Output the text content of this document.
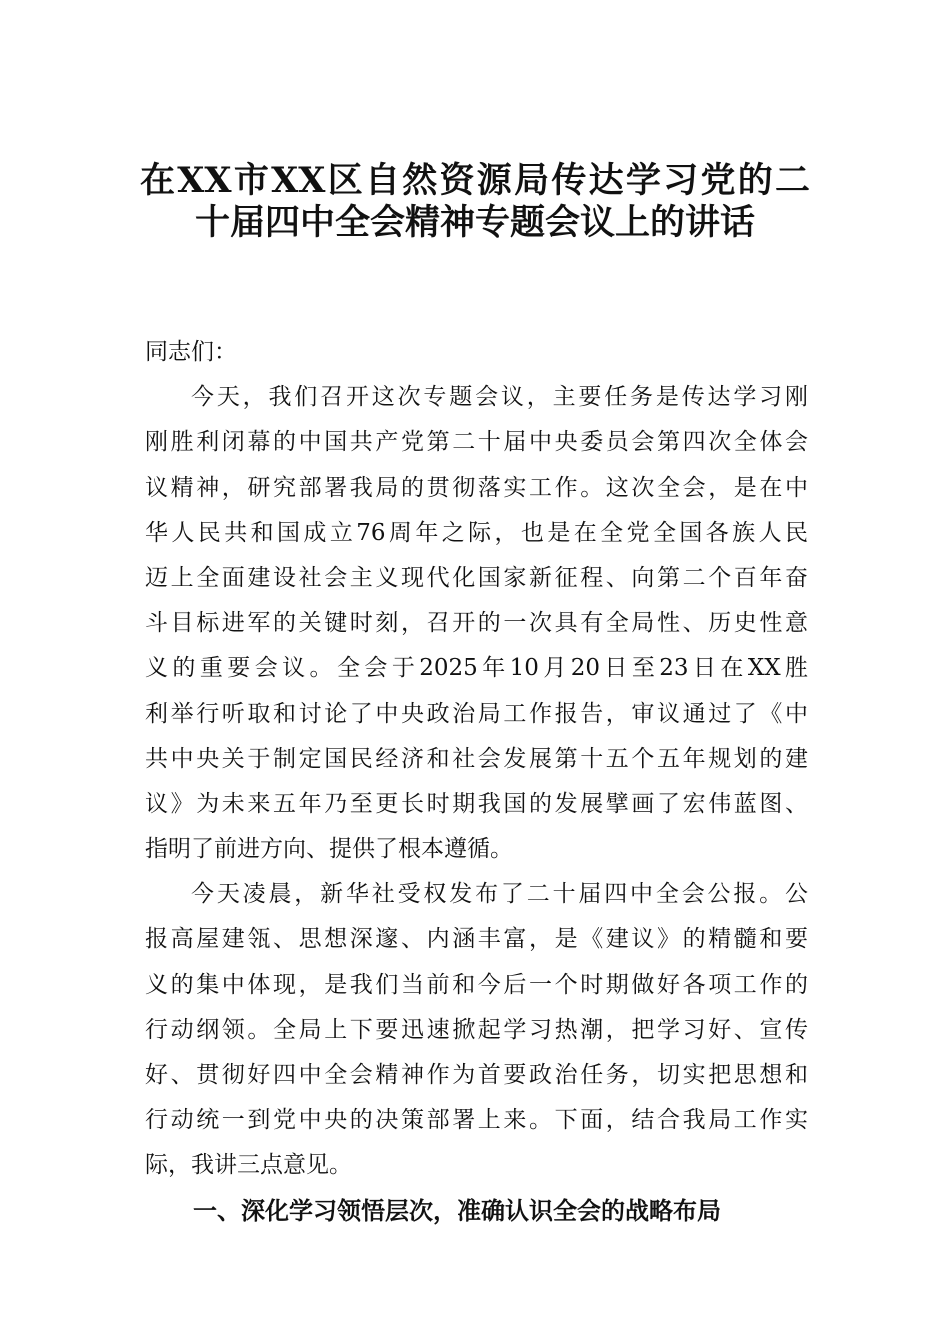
在XX市XX区自然资源局传达学习党的二
十届四中全会精神专题会议上的讲话
同志们：
今天，我们召开这次专题会议，主要任务是传达学习刚
刚胜利闭幕的中国共产党第二十届中央委员会第四次全体会
议精神，研究部署我局的贯彻落实工作。这次全会，是在中
华人民共和国成立76周年之际，也是在全党全国各族人民
迈上全面建设社会主义现代化国家新征程、向第二个百年奋
斗目标进军的关键时刻，召开的一次具有全局性、历史性意
义的重要会议。全会于2025年10月20日至23日在XX胜
利举行听取和讨论了中央政治局工作报告，审议通过了《中
共中央关于制定国民经济和社会发展第十五个五年规划的建
议》为未来五年乃至更长时期我国的发展擘画了宏伟蓝图、
指明了前进方向、提供了根本遵循。
今天凌晨，新华社受权发布了二十届四中全会公报。公
报高屋建瓴、思想深邃、内涵丰富，是《建议》的精髓和要
义的集中体现，是我们当前和今后一个时期做好各项工作的
行动纲领。全局上下要迅速掀起学习热潮，把学习好、宣传
好、贯彻好四中全会精神作为首要政治任务，切实把思想和
行动统一到党中央的决策部署上来。下面，结合我局工作实
际，我讲三点意见。
一、深化学习领悟层次，准确认识全会的战略布局
